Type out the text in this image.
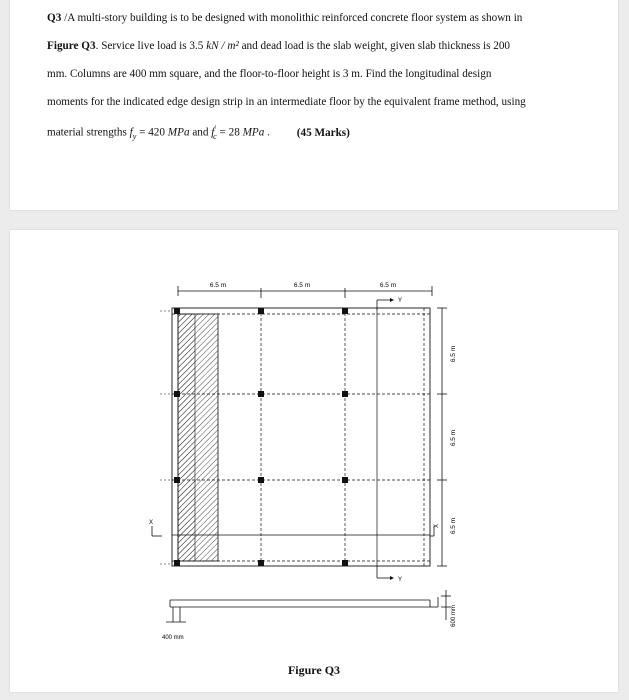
Q3 /A multi-story building is to be designed with monolithic reinforced concrete floor system as shown in
Figure Q3. Service live load is 3.5 kN / m² and dead load is the slab weight, given slab thickness is 200
mm. Columns are 400 mm square, and the floor-to-floor height is 3 m. Find the longitudinal design
moments for the indicated edge design strip in an intermediate floor by the equivalent frame method, using
material strengths $f_y = 420$ MPa and $f'_c = 28$ MPa . (45 Marks)
6.5 m	6.5 m	6.5 m
Y
6.5 m
6.5 m
6.5 m
X	X
Y
600 mm
400 mm
Figure Q3
